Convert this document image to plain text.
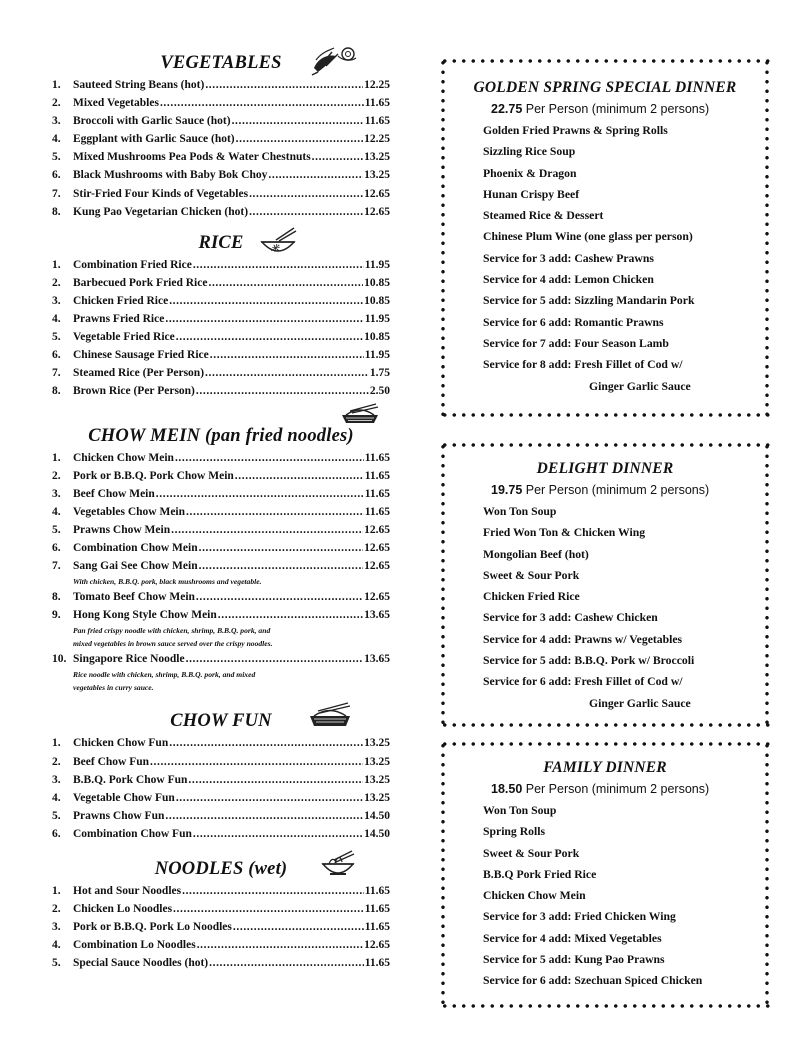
VEGETABLES
1.	Sauteed String Beans (hot) .....	12.25
2.	Mixed Vegetables .....	11.65
3.	Broccoli with Garlic Sauce (hot) .....	11.65
4.	Eggplant with Garlic Sauce (hot) .....	12.25
5.	Mixed Mushrooms Pea Pods & Water Chestnuts .....	13.25
6.	Black Mushrooms with Baby Bok Choy .....	13.25
7.	Stir-Fried Four Kinds of Vegetables .....	12.65
8.	Kung Pao Vegetarian Chicken (hot) .....	12.65
RICE	米
1.	Combination Fried Rice .....	11.95
2.	Barbecued Pork Fried Rice .....	10.85
3.	Chicken Fried Rice .....	10.85
4.	Prawns Fried Rice .....	11.95
5.	Vegetable Fried Rice .....	10.85
6.	Chinese Sausage Fried Rice .....	11.95
7.	Steamed Rice (Per Person) .....	1.75
8.	Brown Rice (Per Person) .....	2.50
CHOW MEIN (pan fried noodles)
1.	Chicken Chow Mein .....	11.65
2.	Pork or B.B.Q. Pork Chow Mein .....	11.65
3.	Beef Chow Mein .....	11.65
4.	Vegetables Chow Mein .....	11.65
5.	Prawns Chow Mein .....	12.65
6.	Combination Chow Mein .....	12.65
7.	Sang Gai See Chow Mein .....	12.65
With chicken, B.B.Q. pork, black mushrooms and vegetable.
8.	Tomato Beef Chow Mein .....	12.65
9.	Hong Kong Style Chow Mein .....	13.65
Pan fried crispy noodle with chicken, shrimp, B.B.Q. pork, and
mixed vegetables in brown sauce served over the crispy noodles.
10. Singapore Rice Noodle .....	13.65
Rice noodle with chicken, shrimp, B.B.Q. pork, and mixed
vegetables in curry sauce.
CHOW FUN
1.	Chicken Chow Fun .....	13.25
2.	Beef Chow Fun .....	13.25
3.	B.B.Q. Pork Chow Fun .....	13.25
4.	Vegetable Chow Fun .....	13.25
5.	Prawns Chow Fun .....	14.50
6.	Combination Chow Fun .....	14.50
NOODLES (wet)
1.	Hot and Sour Noodles .....	11.65
2.	Chicken Lo Noodles .....	11.65
3.	Pork or B.B.Q. Pork Lo Noodles .....	11.65
4.	Combination Lo Noodles .....	12.65
5.	Special Sauce Noodles (hot) .....	11.65
GOLDEN SPRING SPECIAL DINNER
22.75 Per Person (minimum 2 persons)
Golden Fried Prawns & Spring Rolls
Sizzling Rice Soup
Phoenix & Dragon
Hunan Crispy Beef
Steamed Rice & Dessert
Chinese Plum Wine (one glass per person)
Service for 3 add: Cashew Prawns
Service for 4 add: Lemon Chicken
Service for 5 add: Sizzling Mandarin Pork
Service for 6 add: Romantic Prawns
Service for 7 add: Four Season Lamb
Service for 8 add: Fresh Fillet of Cod w/
Ginger Garlic Sauce
DELIGHT DINNER
19.75 Per Person (minimum 2 persons)
Won Ton Soup
Fried Won Ton & Chicken Wing
Mongolian Beef (hot)
Sweet & Sour Pork
Chicken Fried Rice
Service for 3 add: Cashew Chicken
Service for 4 add: Prawns w/ Vegetables
Service for 5 add: B.B.Q. Pork w/ Broccoli
Service for 6 add: Fresh Fillet of Cod w/
Ginger Garlic Sauce
FAMILY DINNER
18.50 Per Person (minimum 2 persons)
Won Ton Soup
Spring Rolls
Sweet & Sour Pork
B.B.Q Pork Fried Rice
Chicken Chow Mein
Service for 3 add: Fried Chicken Wing
Service for 4 add: Mixed Vegetables
Service for 5 add: Kung Pao Prawns
Service for 6 add: Szechuan Spiced Chicken
